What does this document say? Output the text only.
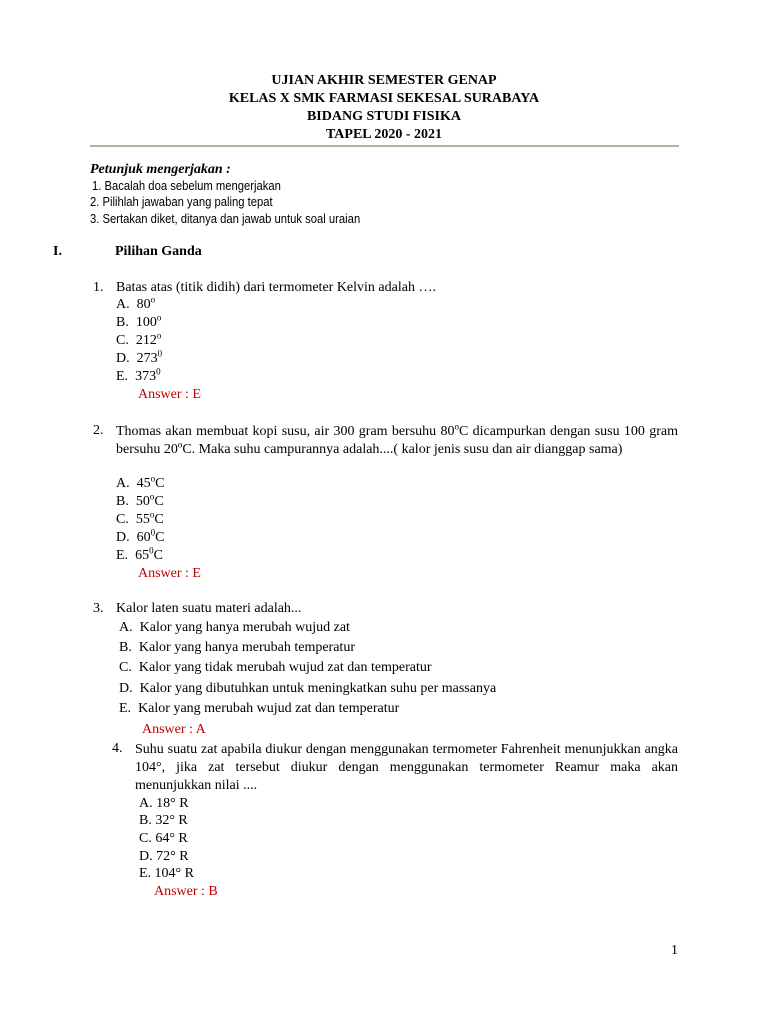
UJIAN AKHIR SEMESTER GENAP
KELAS X SMK FARMASI SEKESAL SURABAYA
BIDANG STUDI FISIKA
TAPEL 2020 - 2021
Petunjuk mengerjakan :
1. Bacalah doa sebelum mengerjakan
2. Pilihlah jawaban yang paling tepat
3. Sertakan diket, ditanya dan jawab untuk soal uraian
I.	Pilihan Ganda
1. Batas atas (titik didih) dari termometer Kelvin adalah ….
A. 80$^o$
B. 100$^o$
C. 212$^o$
D. $273^0$
E. $373^0$
Answer : E
2. Thomas akan membuat kopi susu, air 300 gram bersuhu 80$^o$C dicampurkan dengan susu 100 gram bersuhu 20$^o$C. Maka suhu campurannya adalah....( kalor jenis susu dan air dianggap sama)
A. 45$^o$C
B. 50$^o$C
C. 55$^o$C
D. $60^0C$
E. $65^0C$
Answer : E
3. Kalor laten suatu materi adalah...
A. Kalor yang hanya merubah wujud zat
B. Kalor yang hanya merubah temperatur
C. Kalor yang tidak merubah wujud zat dan temperatur
D. Kalor yang dibutuhkan untuk meningkatkan suhu per massanya
E. Kalor yang merubah wujud zat dan temperatur
Answer : A
4. Suhu suatu zat apabila diukur dengan menggunakan termometer Fahrenheit menunjukkan angka 104°, jika zat tersebut diukur dengan menggunakan termometer Reamur maka akan menunjukkan nilai ....
A. 18° R
B. 32° R
C. 64° R
D. 72° R
E. 104° R
Answer : B
1
